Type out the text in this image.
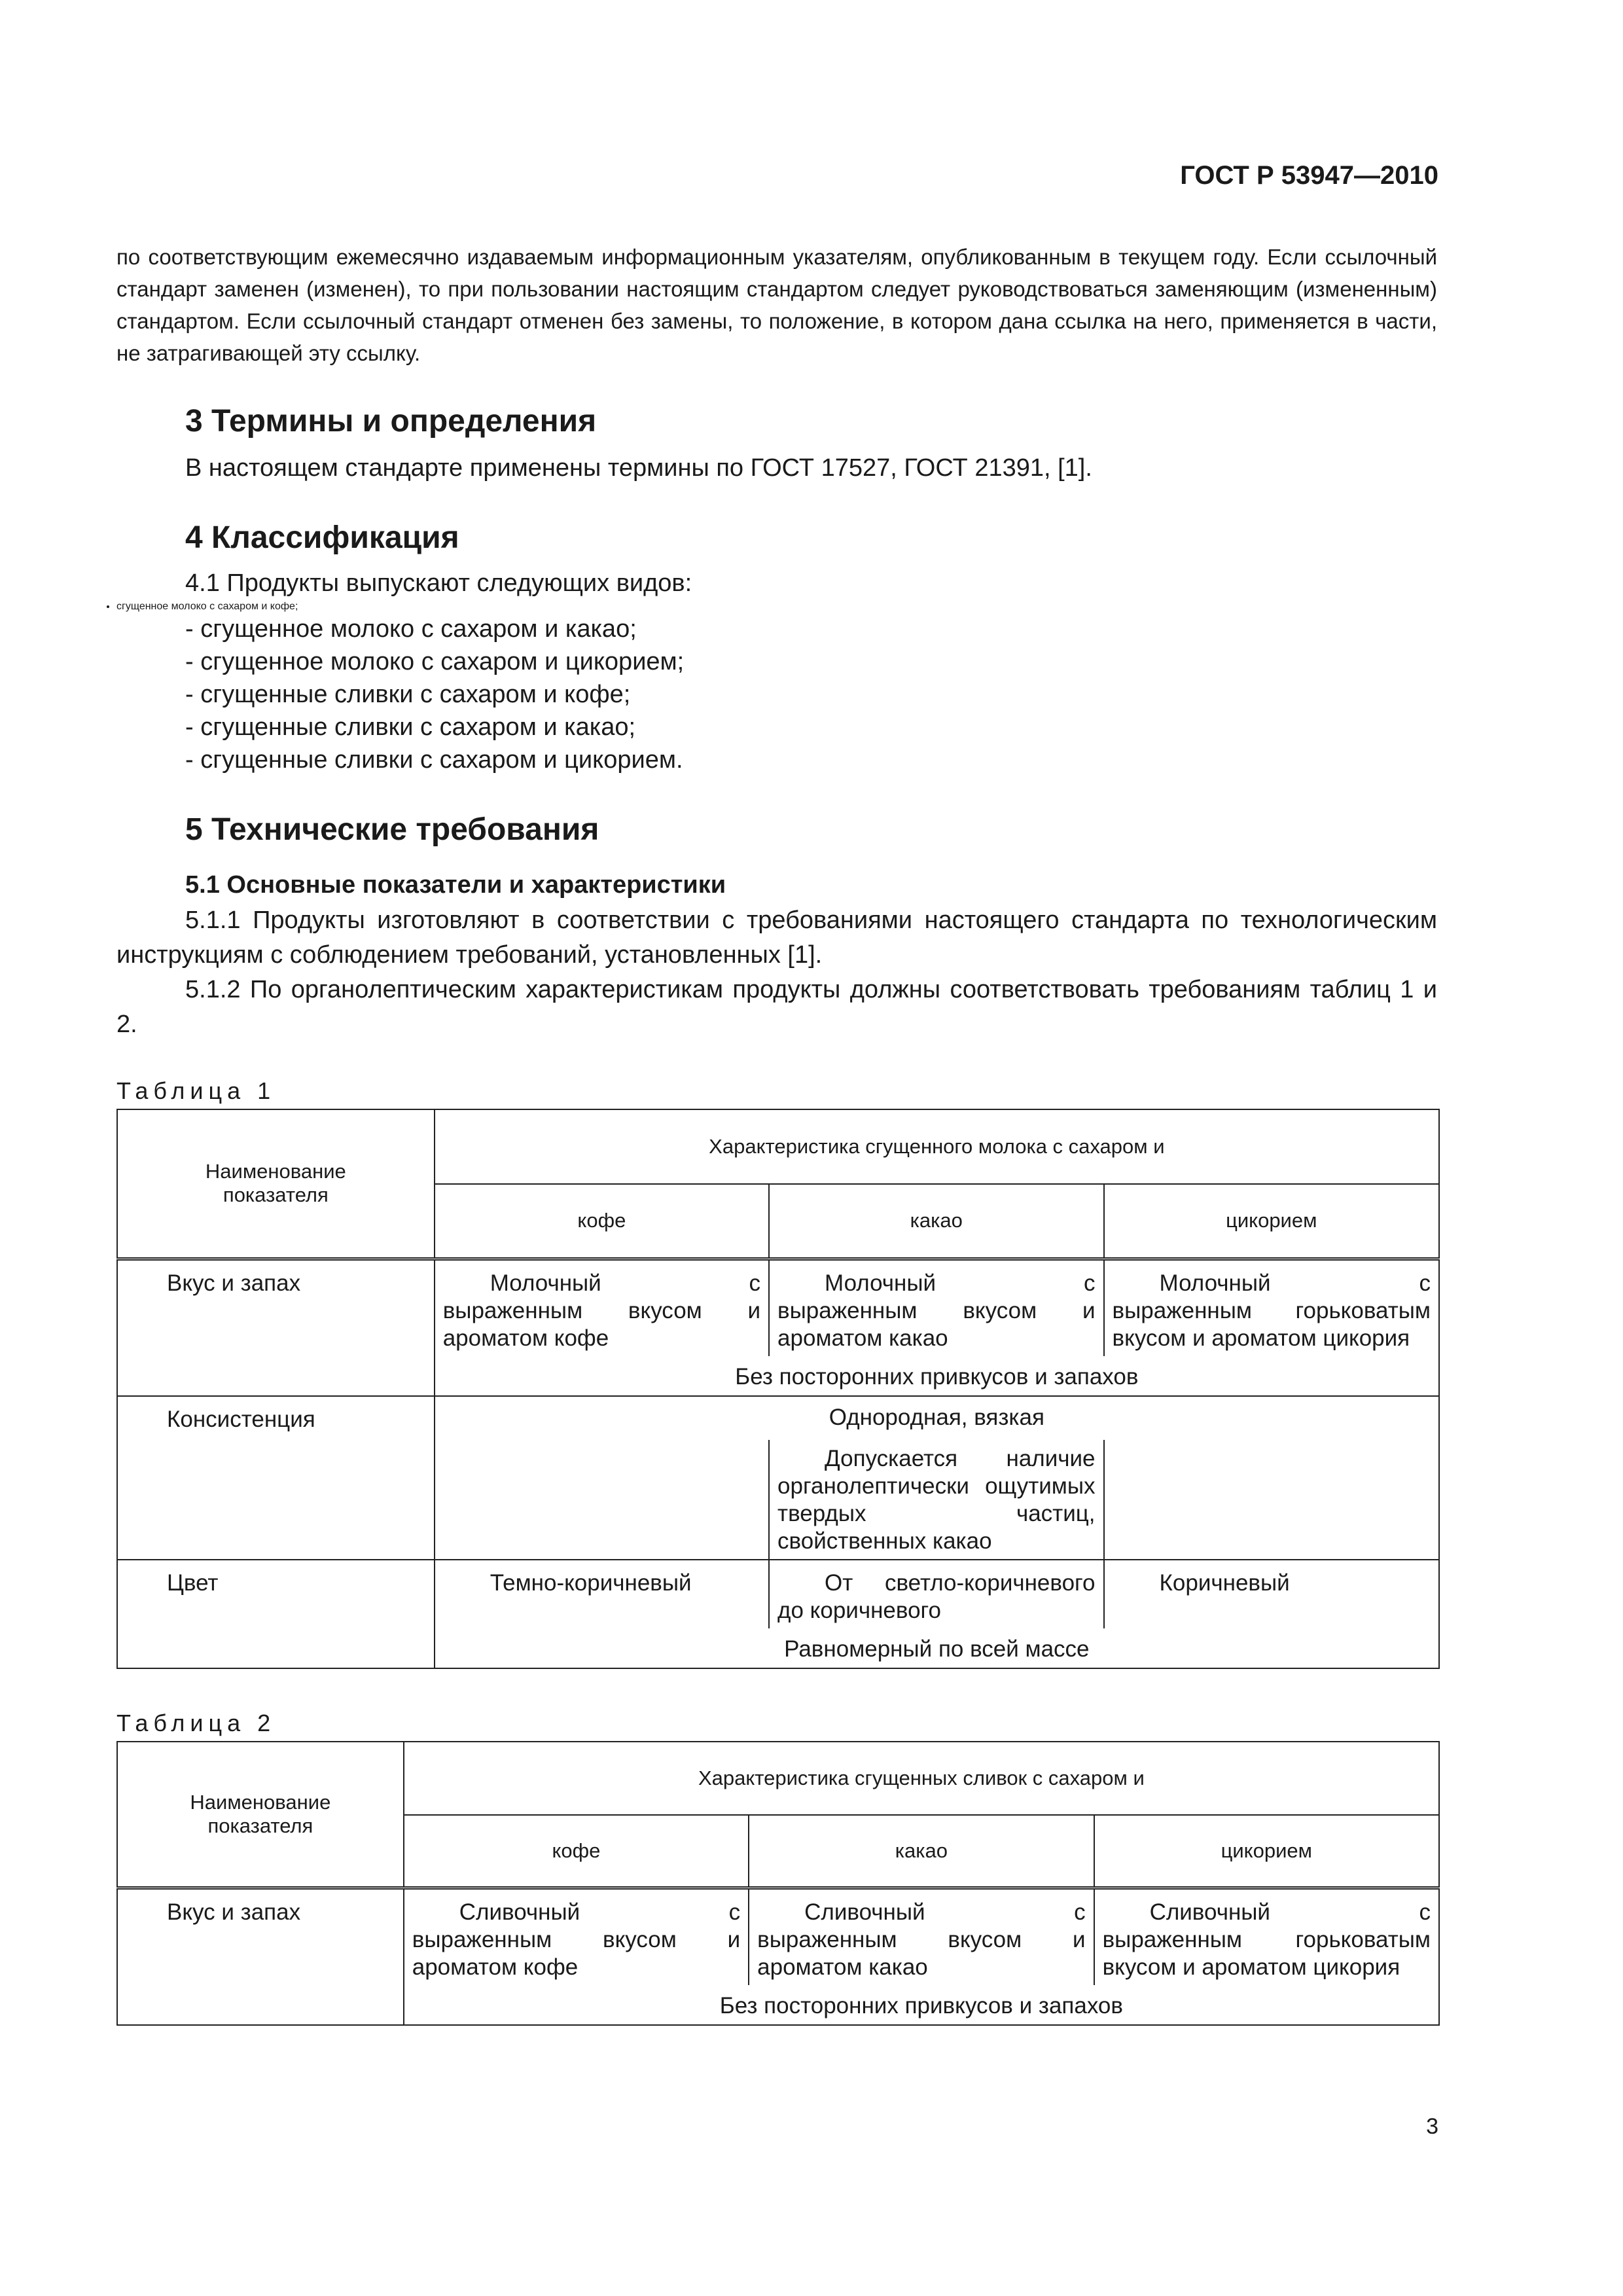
ГОСТ Р 53947—2010

по соответствующим ежемесячно издаваемым информационным указателям, опубликованным в текущем году. Если ссылочный стандарт заменен (изменен), то при пользовании настоящим стандартом следует руководствоваться заменяющим (измененным) стандартом. Если ссылочный стандарт отменен без замены, то положение, в котором дана ссылка на него, применяется в части, не затрагивающей эту ссылку.

3 Термины и определения

В настоящем стандарте применены термины по ГОСТ 17527, ГОСТ 21391, [1].

4 Классификация

4.1 Продукты выпускают следующих видов:

• сгущенное молоко с сахаром и кофе;
- сгущенное молоко с сахаром и какао;
- сгущенное молоко с сахаром и цикорием;
- сгущенные сливки с сахаром и кофе;
- сгущенные сливки с сахаром и какао;
- сгущенные сливки с сахаром и цикорием.
5 Технические требования
5.1 Основные показатели и характеристики

5.1.1 Продукты изготовляют в соответствии с требованиями настоящего стандарта по технологическим инструкциям с соблюдением требований, установленных [1].

5.1.2 По органолептическим характеристикам продукты должны соответствовать требованиям таблиц 1 и 2.

Таблица 1
Наименование показателя	Характеристика сгущенного молока с сахаром и		
	кофе	какао	цикорием
Вкус и запах	Молочный с выраженным вкусом и ароматом кофе	Молочный с выраженным вкусом и ароматом какао	Молочный с выраженным горьковатым вкусом и ароматом цикория
	Без посторонних привкусов и запахов		
Консистенция	Однородная, вязкая		
		Допускается наличие органолептически ощутимых твердых частиц, свойственных какао	
Цвет	Темно-коричневый	От светло-коричневого до коричневого	Коричневый
	Равномерный по всей массе		
Таблица 2
Наименование показателя	Характеристика сгущенных сливок с сахаром и		
	кофе	какао	цикорием
Вкус и запах	Сливочный с выраженным вкусом и ароматом кофе	Сливочный с выраженным вкусом и ароматом какао	Сливочный с выраженным горьковатым вкусом и ароматом цикория
	Без посторонних привкусов и запахов		
3
